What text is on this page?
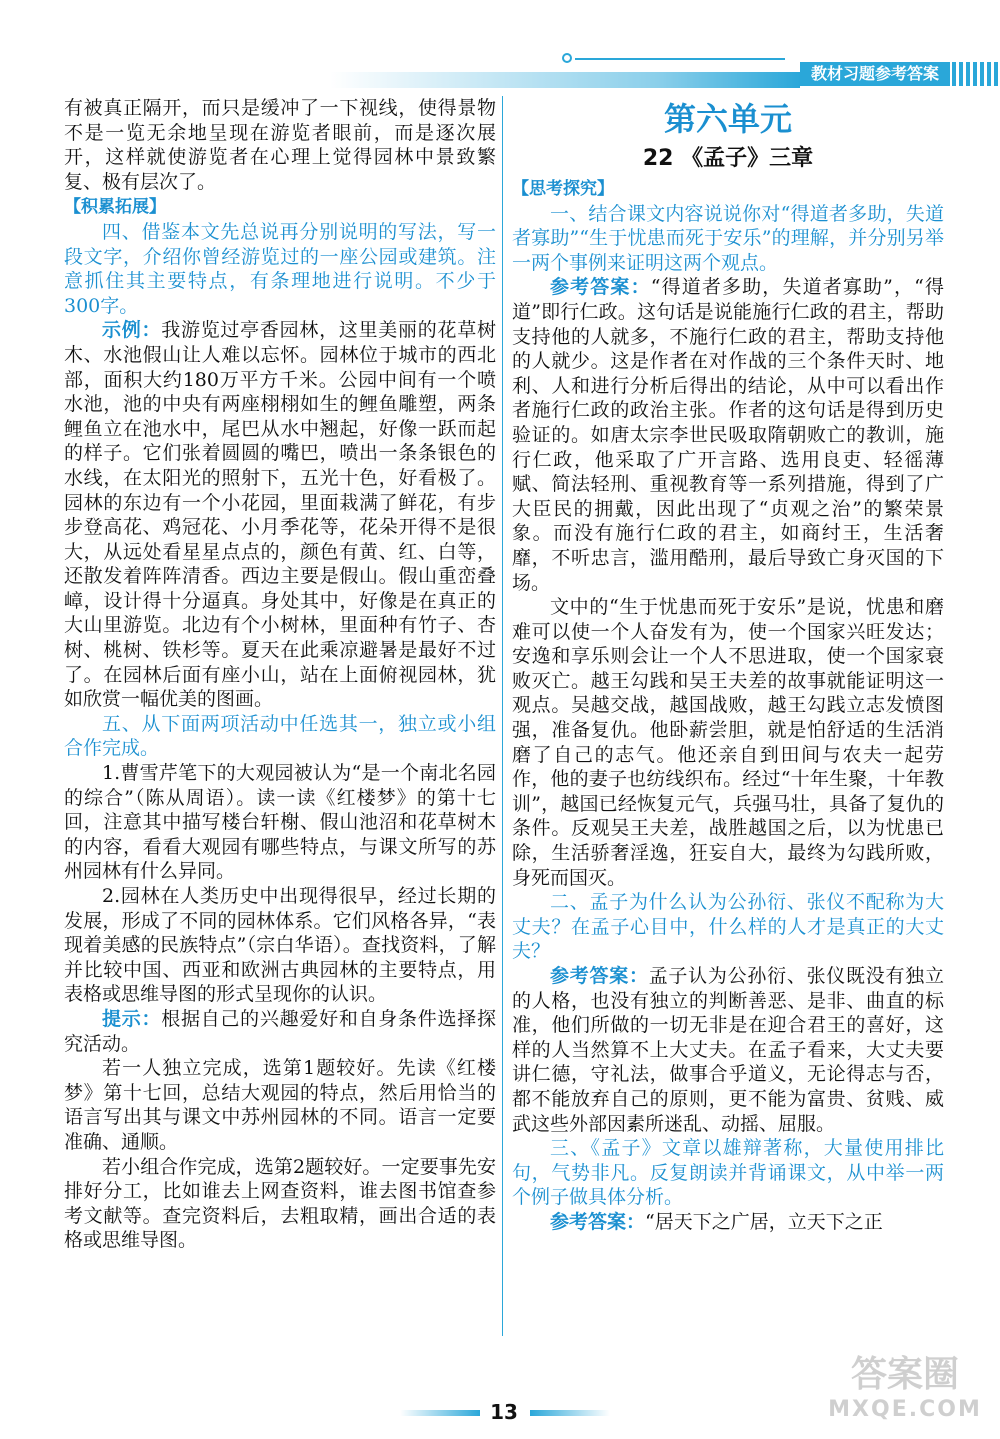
教材习题参考答案

有被真正隔开，而只是缓冲了一下视线，使得景物不是一览无余地呈现在游览者眼前，而是逐次展开，这样就使游览者在心理上觉得园林中景致繁复、极有层次了。

【积累拓展】

四、借鉴本文先总说再分别说明的写法，写一段文字，介绍你曾经游览过的一座公园或建筑。注意抓住其主要特点，有条理地进行说明。不少于300字。

示例：我游览过亭香园林，这里美丽的花草树木、水池假山让人难以忘怀。园林位于城市的西北部，面积大约180万平方千米。公园中间有一个喷水池，池的中央有两座栩栩如生的鲤鱼雕塑，两条鲤鱼立在池水中，尾巴从水中翘起，好像一跃而起的样子。它们张着圆圆的嘴巴，喷出一条条银色的水线，在太阳光的照射下，五光十色，好看极了。园林的东边有一个小花园，里面栽满了鲜花，有步步登高花、鸡冠花、小月季花等，花朵开得不是很大，从远处看星星点点的，颜色有黄、红、白等，还散发着阵阵清香。西边主要是假山。假山重峦叠嶂，设计得十分逼真。身处其中，好像是在真正的大山里游览。北边有个小树林，里面种有竹子、杏树、桃树、铁杉等。夏天在此乘凉避暑是最好不过了。在园林后面有座小山，站在上面俯视园林，犹如欣赏一幅优美的图画。

五、从下面两项活动中任选其一，独立或小组合作完成。

1.曹雪芹笔下的大观园被认为“是一个南北名园的综合”（陈从周语）。读一读《红楼梦》的第十七回，注意其中描写楼台轩榭、假山池沼和花草树木的内容，看看大观园有哪些特点，与课文所写的苏州园林有什么异同。

2.园林在人类历史中出现得很早，经过长期的发展，形成了不同的园林体系。它们风格各异，“表现着美感的民族特点”（宗白华语）。查找资料，了解并比较中国、西亚和欧洲古典园林的主要特点，用表格或思维导图的形式呈现你的认识。

提示：根据自己的兴趣爱好和自身条件选择探究活动。

若一人独立完成，选第1题较好。先读《红楼梦》第十七回，总结大观园的特点，然后用恰当的语言写出其与课文中苏州园林的不同。语言一定要准确、通顺。

若小组合作完成，选第2题较好。一定要事先安排好分工，比如谁去上网查资料，谁去图书馆查参考文献等。查完资料后，去粗取精，画出合适的表格或思维导图。

第六单元
22 《孟子》三章

【思考探究】

一、结合课文内容说说你对“得道者多助，失道者寡助”“生于忧患而死于安乐”的理解，并分别另举一两个事例来证明这两个观点。

参考答案：“得道者多助，失道者寡助”，“得道”即行仁政。这句话是说能施行仁政的君主，帮助支持他的人就多，不施行仁政的君主，帮助支持他的人就少。这是作者在对作战的三个条件天时、地利、人和进行分析后得出的结论，从中可以看出作者施行仁政的政治主张。作者的这句话是得到历史验证的。如唐太宗李世民吸取隋朝败亡的教训，施行仁政，他采取了广开言路、选用良吏、轻徭薄赋、简法轻刑、重视教育等一系列措施，得到了广大臣民的拥戴，因此出现了“贞观之治”的繁荣景象。而没有施行仁政的君主，如商纣王，生活奢靡，不听忠言，滥用酷刑，最后导致亡身灭国的下场。

文中的“生于忧患而死于安乐”是说，忧患和磨难可以使一个人奋发有为，使一个国家兴旺发达；安逸和享乐则会让一个人不思进取，使一个国家衰败灭亡。越王勾践和吴王夫差的故事就能证明这一观点。吴越交战，越国战败，越王勾践立志发愤图强，准备复仇。他卧薪尝胆，就是怕舒适的生活消磨了自己的志气。他还亲自到田间与农夫一起劳作，他的妻子也纺线织布。经过“十年生聚，十年教训”，越国已经恢复元气，兵强马壮，具备了复仇的条件。反观吴王夫差，战胜越国之后，以为忧患已除，生活骄奢淫逸，狂妄自大，最终为勾践所败，身死而国灭。

二、孟子为什么认为公孙衍、张仪不配称为大丈夫？在孟子心目中，什么样的人才是真正的大丈夫？

参考答案：孟子认为公孙衍、张仪既没有独立的人格，也没有独立的判断善恶、是非、曲直的标准，他们所做的一切无非是在迎合君王的喜好，这样的人当然算不上大丈夫。在孟子看来，大丈夫要讲仁德，守礼法，做事合乎道义，无论得志与否，都不能放弃自己的原则，更不能为富贵、贫贱、威武这些外部因素所迷乱、动摇、屈服。

三、《孟子》文章以雄辩著称，大量使用排比句，气势非凡。反复朗读并背诵课文，从中举一两个例子做具体分析。

参考答案：“居天下之广居，立天下之正

13
答案圈
MXQE.COM
